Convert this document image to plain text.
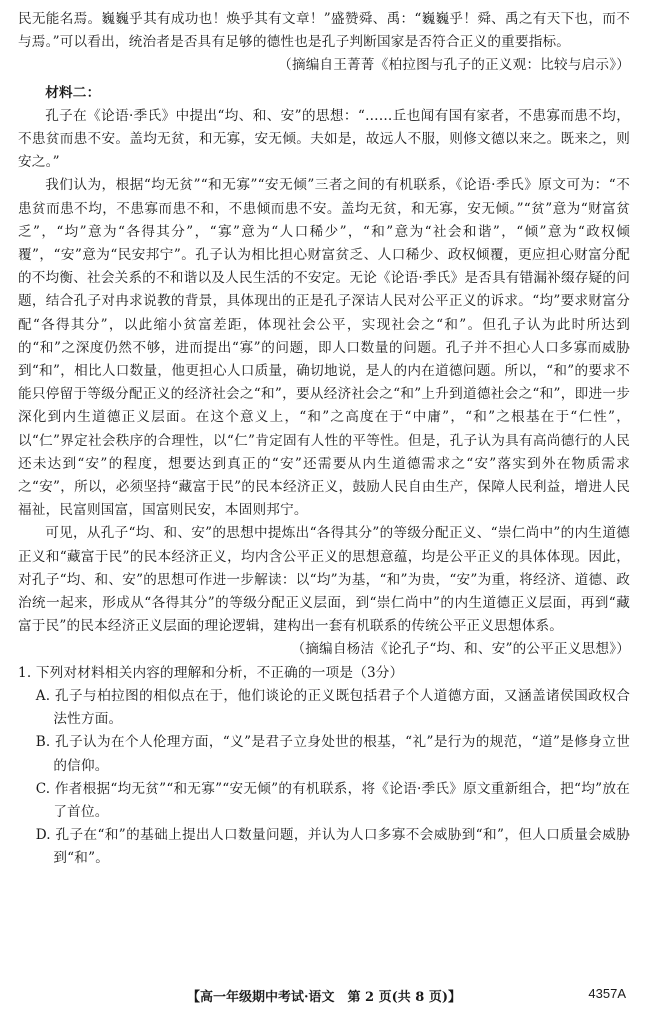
民无能名焉。巍巍乎其有成功也！焕乎其有文章！”盛赞舜、禹：“巍巍乎！舜、禹之有天下也，而不与焉。”可以看出，统治者是否具有足够的德性也是孔子判断国家是否符合正义的重要指标。

（摘编自王菁菁《柏拉图与孔子的正义观：比较与启示》）

材料二：

孔子在《论语·季氏》中提出“均、和、安”的思想：“……丘也闻有国有家者，不患寡而患不均，不患贫而患不安。盖均无贫，和无寡，安无倾。夫如是，故远人不服，则修文德以来之。既来之，则安之。”

我们认为，根据“均无贫”“和无寡”“安无倾”三者之间的有机联系，《论语·季氏》原文可为：“不患贫而患不均，不患寡而患不和，不患倾而患不安。盖均无贫，和无寡，安无倾。”“贫”意为“财富贫乏”，“均”意为“各得其分”，“寡”意为“人口稀少”，“和”意为“社会和谐”，“倾”意为“政权倾覆”，“安”意为“民安邦宁”。孔子认为相比担心财富贫乏、人口稀少、政权倾覆，更应担心财富分配的不均衡、社会关系的不和谐以及人民生活的不安定。无论《论语·季氏》是否具有错漏补缀存疑的问题，结合孔子对冉求说教的背景，具体现出的正是孔子深诘人民对公平正义的诉求。“均”要求财富分配“各得其分”，以此缩小贫富差距，体现社会公平，实现社会之“和”。但孔子认为此时所达到的“和”之深度仍然不够，进而提出“寡”的问题，即人口数量的问题。孔子并不担心人口多寡而威胁到“和”，相比人口数量，他更担心人口质量，确切地说，是人的内在道德问题。所以，“和”的要求不能只停留于等级分配正义的经济社会之“和”，要从经济社会之“和”上升到道德社会之“和”，即进一步深化到内生道德正义层面。在这个意义上，“和”之高度在于“中庸”，“和”之根基在于“仁性”，以“仁”界定社会秩序的合理性，以“仁”肯定固有人性的平等性。但是，孔子认为具有高尚德行的人民还未达到“安”的程度，想要达到真正的“安”还需要从内生道德需求之“安”落实到外在物质需求之“安”，所以，必须坚持“藏富于民”的民本经济正义，鼓励人民自由生产，保障人民利益，增进人民福祉，民富则国富，国富则民安，本固则邦宁。

可见，从孔子“均、和、安”的思想中提炼出“各得其分”的等级分配正义、“崇仁尚中”的内生道德正义和“藏富于民”的民本经济正义，均内含公平正义的思想意蕴，均是公平正义的具体体现。因此，对孔子“均、和、安”的思想可作进一步解读：以“均”为基，“和”为贵，“安”为重，将经济、道德、政治统一起来，形成从“各得其分”的等级分配正义层面，到“崇仁尚中”的内生道德正义层面，再到“藏富于民”的民本经济正义层面的理论逻辑，建构出一套有机联系的传统公平正义思想体系。

（摘编自杨洁《论孔子“均、和、安”的公平正义思想》）

1. 下列对材料相关内容的理解和分析，不正确的一项是（3分）

A. 孔子与柏拉图的相似点在于，他们谈论的正义既包括君子个人道德方面，又涵盖诸侯国政权合法性方面。

B. 孔子认为在个人伦理方面，“义”是君子立身处世的根基，“礼”是行为的规范，“道”是修身立世的信仰。

C. 作者根据“均无贫”“和无寡”“安无倾”的有机联系，将《论语·季氏》原文重新组合，把“均”放在了首位。

D. 孔子在“和”的基础上提出人口数量问题，并认为人口多寡不会威胁到“和”，但人口质量会威胁到“和”。

【高一年级期中考试·语文　第 2 页(共 8 页)】	4357A
